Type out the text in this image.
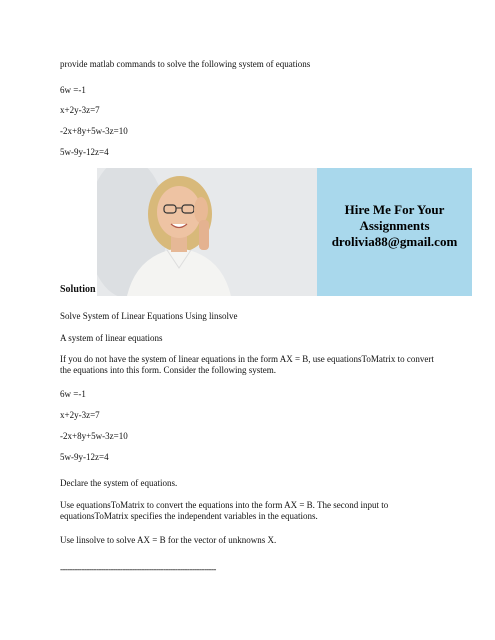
provide matlab commands to solve the following system of equations
6w =-1
x+2y-3z=7
-2x+8y+5w-3z=10
5w-9y-12z=4
Hire Me For Your
Assignments
drolivia88@gmail.com
Solution
Solve System of Linear Equations Using linsolve
A system of linear equations
If you do not have the system of linear equations in the form AX = B, use equationsToMatrix to convert the equations into this form. Consider the following system.
6w =-1
x+2y-3z=7
-2x+8y+5w-3z=10
5w-9y-12z=4
Declare the system of equations.
Use equationsToMatrix to convert the equations into the form AX = B. The second input to equationsToMatrix specifies the independent variables in the equations.
Use linsolve to solve AX = B for the vector of unknowns X.
-----------------------------------------------------------------
